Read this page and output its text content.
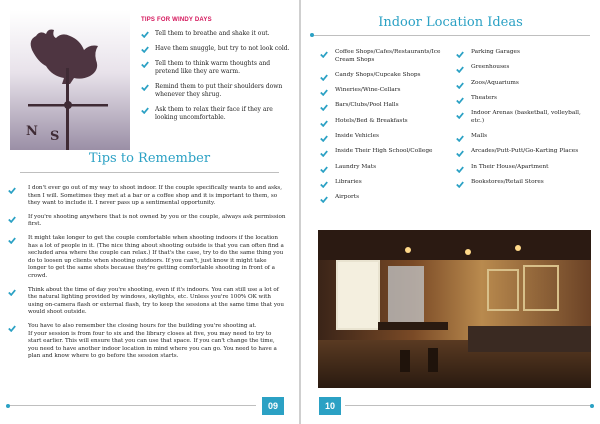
N S
TIPS FOR WINDY DAYS
Tell them to breathe and shake it out.
Have them snuggle, but try to not look cold.
Tell them to think warm thoughts and pretend like they are warm.
Remind them to put their shoulders down whenever they shrug.
Ask them to relax their face if they are looking uncomfortable.
Tips to Remember

I don't ever go out of my way to shoot indoor. If the couple specifically wants to and asks, then I will. Sometimes they met at a bar or a coffee shop and it is important to them, so they want to include it. I never pass up a sentimental opportunity.

If you're shooting anywhere that is not owned by you or the couple, always ask permission first.

It might take longer to get the couple comfortable when shooting indoors if the location has a lot of people in it. (The nice thing about shooting outside is that you can often find a secluded area where the couple can relax.) If that's the case, try to do the same thing you do to loosen up clients when shooting outdoors. If you can't, just know it might take longer to get the same shots because they're getting comfortable shooting in front of a crowd.

Think about the time of day you're shooting, even if it's indoors. You can still use a lot of the natural lighting provided by windows, skylights, etc. Unless you're 100% OK with using on-camera flash or external flash, try to keep the sessions at the same time that you would shoot outside.

You have to also remember the closing hours for the building you're shooting at.

If your session is from four to six and the library closes at five, you may need to try to start earlier. This will ensure that you can use that space. If you can't change the time, you need to have another indoor location in mind where you can go. You need to have a plan and know where to go before the session starts.

09
Indoor Location Ideas
Coffee Shops/Cafes/Restaurants/Ice Cream Shops
Candy Shops/Cupcake Shops
Wineries/Wine-Cellars
Bars/Clubs/Pool Halls
Hotels/Bed & Breakfasts
Inside Vehicles
Inside Their High School/College
Laundry Mats
Libraries
Airports
Parking Garages
Greenhouses
Zoos/Aquariums
Theaters
Indoor Arenas (basketball, volleyball, etc.)
Malls
Arcades/Putt-Putt/Go-Karting Places
In Their House/Apartment
Bookstores/Retail Stores
10
